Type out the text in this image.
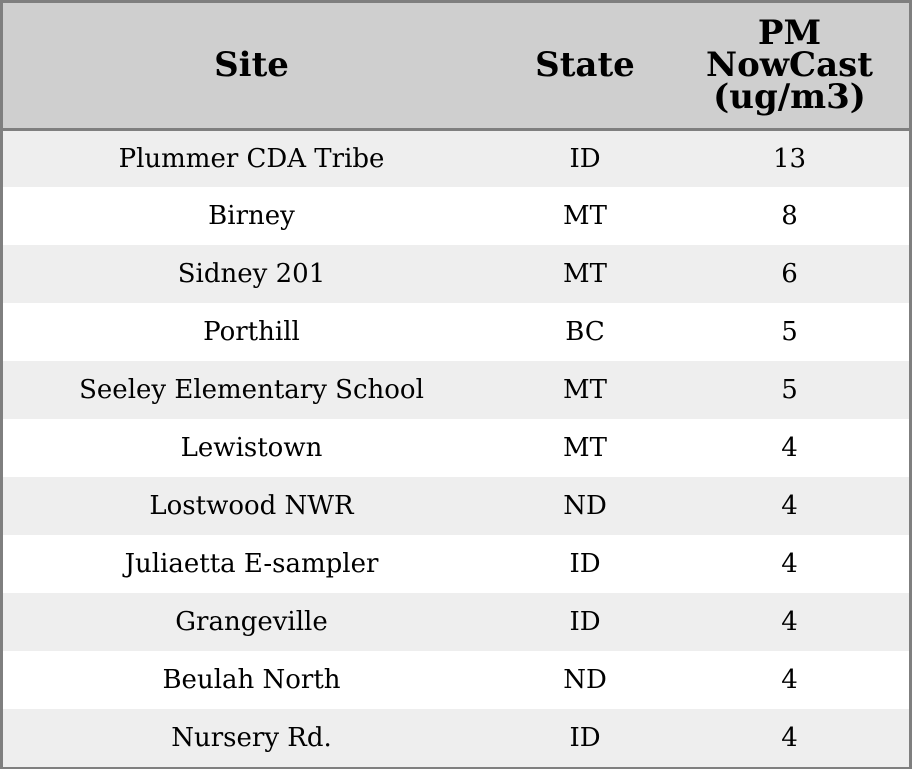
Site	State	PM
NowCast
(ug/m3)
Plummer CDA Tribe	ID	13
Birney	MT	8
Sidney 201	MT	6
Porthill	BC	5
Seeley Elementary School	MT	5
Lewistown	MT	4
Lostwood NWR	ND	4
Juliaetta E-sampler	ID	4
Grangeville	ID	4
Beulah North	ND	4
Nursery Rd.	ID	4
